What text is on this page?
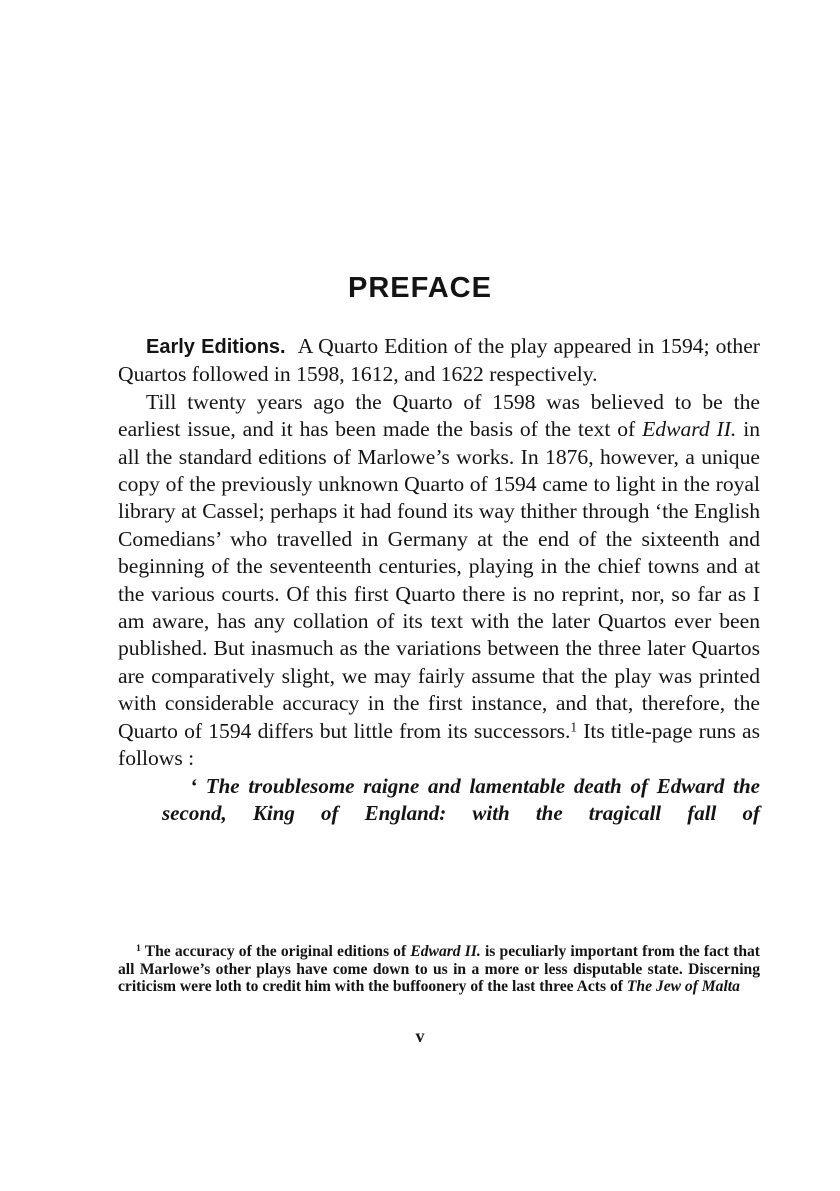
PREFACE

Early Editions. A Quarto Edition of the play appeared in 1594; other Quartos followed in 1598, 1612, and 1622 respectively.

Till twenty years ago the Quarto of 1598 was believed to be the earliest issue, and it has been made the basis of the text of Edward II. in all the standard editions of Marlowe’s works. In 1876, however, a unique copy of the previously unknown Quarto of 1594 came to light in the royal library at Cassel; perhaps it had found its way thither through ‘the English Comedians’ who travelled in Germany at the end of the sixteenth and beginning of the seventeenth centuries, playing in the chief towns and at the various courts. Of this first Quarto there is no reprint, nor, so far as I am aware, has any collation of its text with the later Quartos ever been published. But inasmuch as the variations between the three later Quartos are comparatively slight, we may fairly assume that the play was printed with considerable accuracy in the first instance, and that, therefore, the Quarto of 1594 differs but little from its successors.$^1$ Its title-page runs as follows :

‘ The troublesome raigne and lamentable death of Edward the second, King of England: with the tragicall fall of

$^1$ The accuracy of the original editions of Edward II. is peculiarly important from the fact that all Marlowe’s other plays have come down to us in a more or less disputable state. Discerning criticism were loth to credit him with the buffoonery of the last three Acts of The Jew of Malta

v
